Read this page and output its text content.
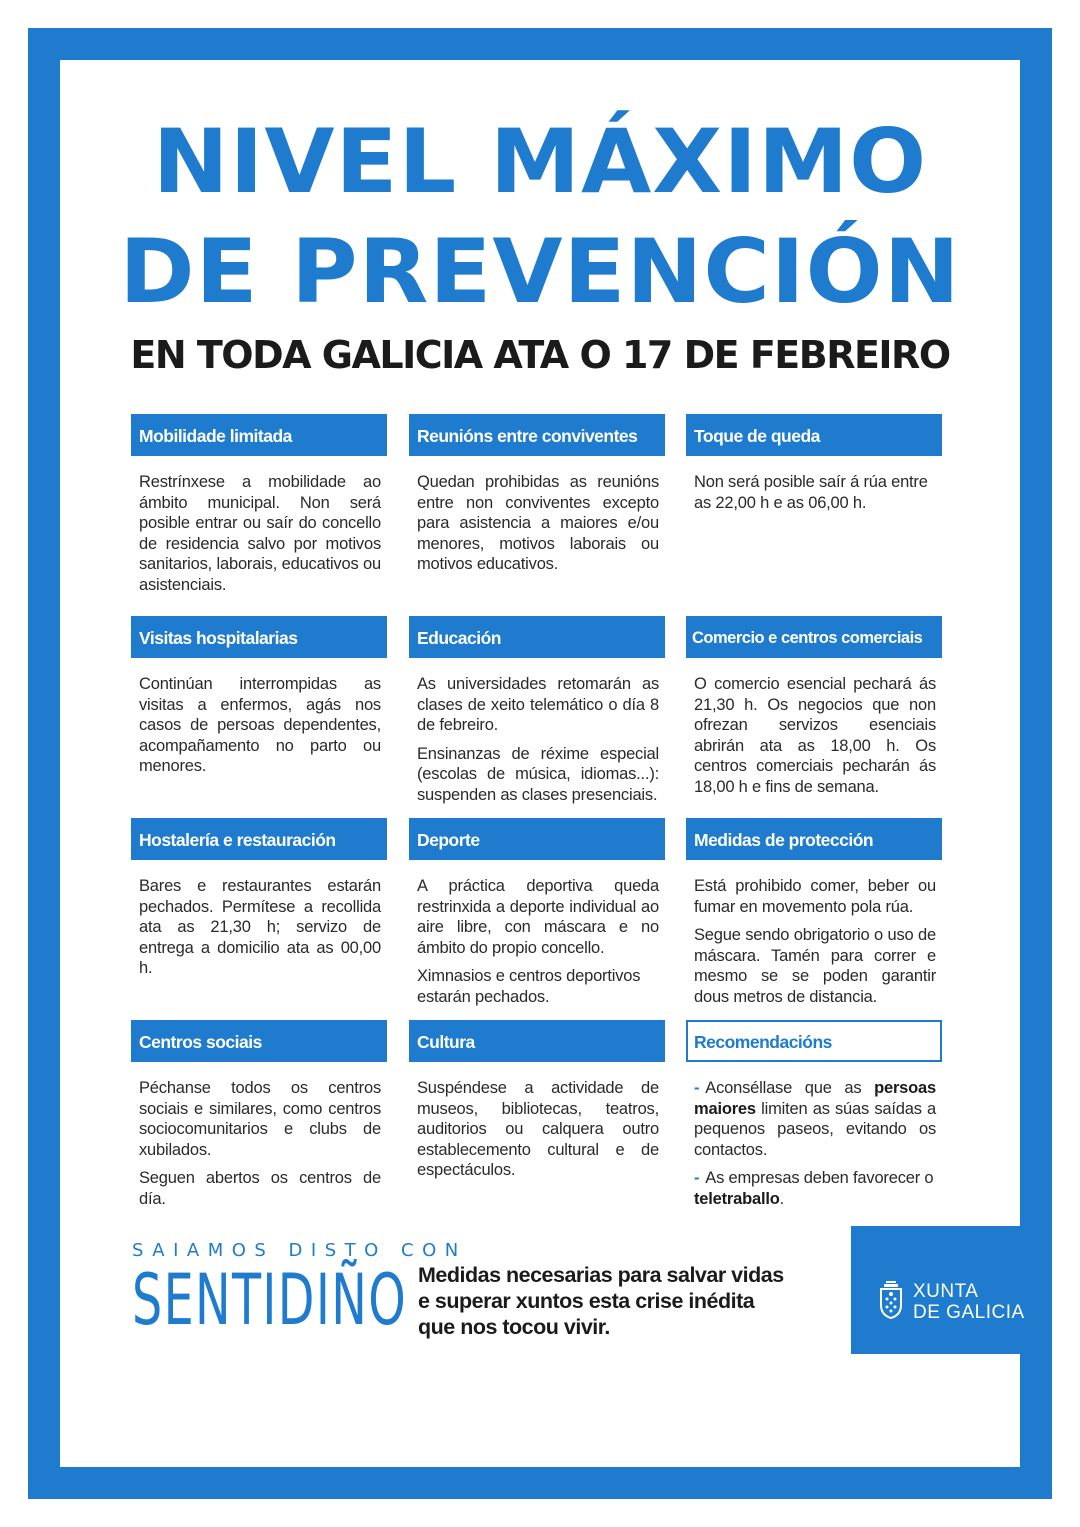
NIVEL MÁXIMO
DE PREVENCIÓN
EN TODA GALICIA ATA O 17 DE FEBREIRO
Mobilidade limitada

Restrínxese a mobilidade ao ámbito municipal. Non será posible entrar ou saír do concello de residencia salvo por motivos sanitarios, laborais, educativos ou asistenciais.

Reunións entre conviventes

Quedan prohibidas as reunións entre non conviventes excepto para asistencia a maiores e/ou menores, motivos laborais ou motivos educativos.

Toque de queda

Non será posible saír á rúa entre as 22,00 h e as 06,00 h.

Visitas hospitalarias

Continúan interrompidas as visitas a enfermos, agás nos casos de persoas dependentes, acompañamento no parto ou menores.

Educación

As universidades retomarán as clases de xeito telemático o día 8 de febreiro.

Ensinanzas de réxime especial (escolas de música, idiomas...): suspenden as clases presenciais.

Comercio e centros comerciais

O comercio esencial pechará ás 21,30 h. Os negocios que non ofrezan servizos esenciais abrirán ata as 18,00 h. Os centros comerciais pecharán ás 18,00 h e fins de semana.

Hostalería e restauración

Bares e restaurantes estarán pechados. Permítese a recollida ata as 21,30 h; servizo de entrega a domicilio ata as 00,00 h.

Deporte

A práctica deportiva queda restrinxida a deporte individual ao aire libre, con máscara e no ámbito do propio concello.

Ximnasios e centros deportivos estarán pechados.

Medidas de protección

Está prohibido comer, beber ou fumar en movemento pola rúa.

Segue sendo obrigatorio o uso de máscara. Tamén para correr e mesmo se se poden garantir dous metros de distancia.

Centros sociais

Péchanse todos os centros sociais e similares, como centros sociocomunitarios e clubs de xubilados.

Seguen abertos os centros de día.

Cultura

Suspéndese a actividade de museos, bibliotecas, teatros, auditorios ou calquera outro establecemento cultural e de espectáculos.

Recomendacións

- Aconséllase que as persoas maiores limiten as súas saídas a pequenos paseos, evitando os contactos.

- As empresas deben favorecer o teletraballo.

SAIAMOS DISTO CON
SENTIDIÑO Medidas necesarias para salvar vidas
e superar xuntos esta crise inédita
que nos tocou vivir.
XUNTA
DE GALICIA
